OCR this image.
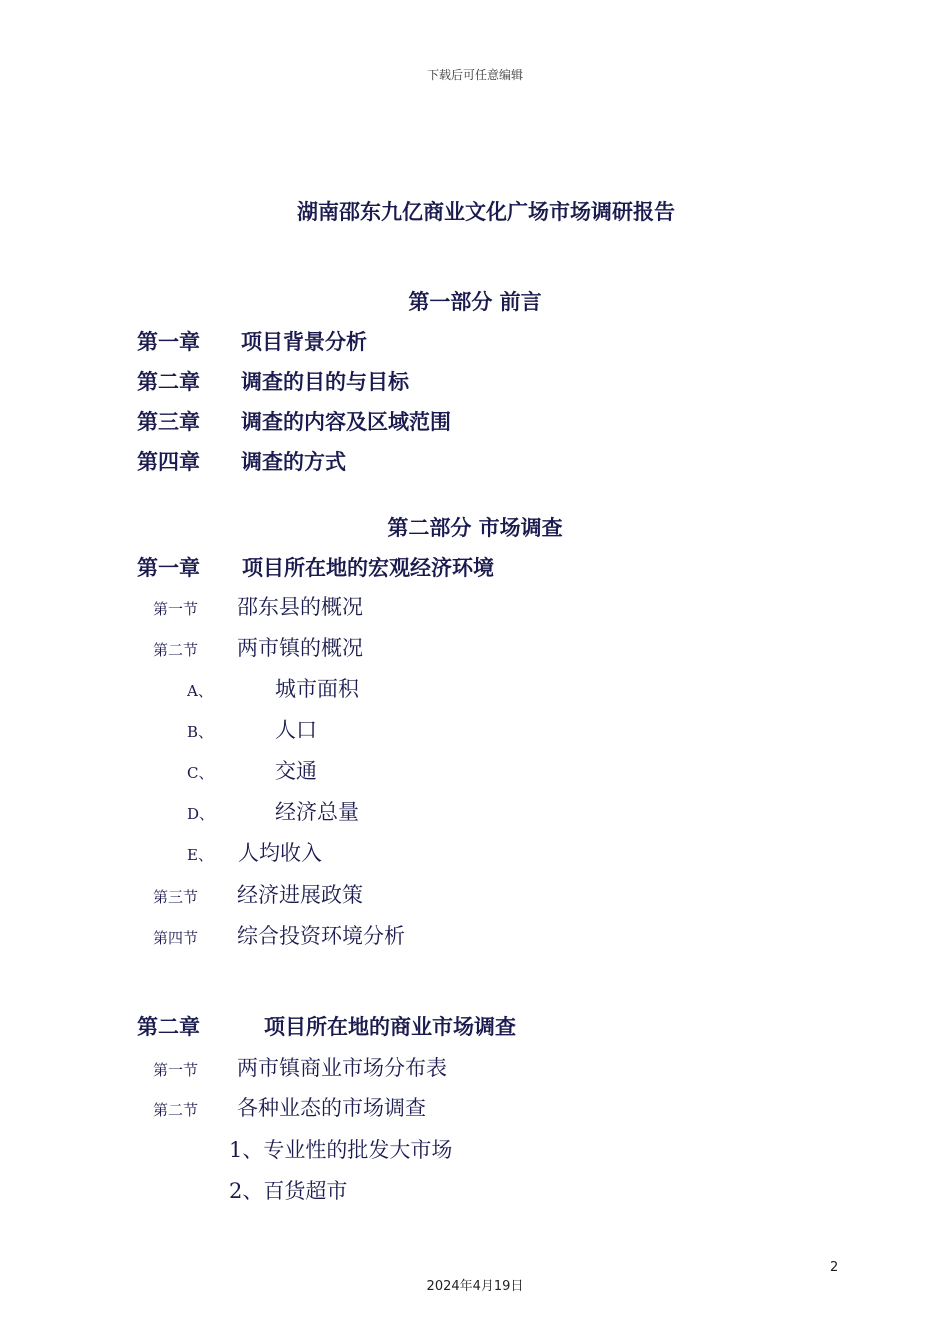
下载后可任意编辑
湖南邵东九亿商业文化广场市场调研报告
第一部分 前言
第一章 项目背景分析
第二章 调查的目的与目标
第三章 调查的内容及区域范围
第四章 调查的方式
第二部分 市场调查
第一章 项目所在地的宏观经济环境
第一节 邵东县的概况
第二节 两市镇的概况
A、	城市面积
B、	人口
C、	交通
D、	经济总量
E、 人均收入
第三节 经济进展政策
第四节 综合投资环境分析
第二章	项目所在地的商业市场调查
第一节 两市镇商业市场分布表
第二节 各种业态的市场调查
1、专业性的批发大市场
2、百货超市
2
2024年4月19日
